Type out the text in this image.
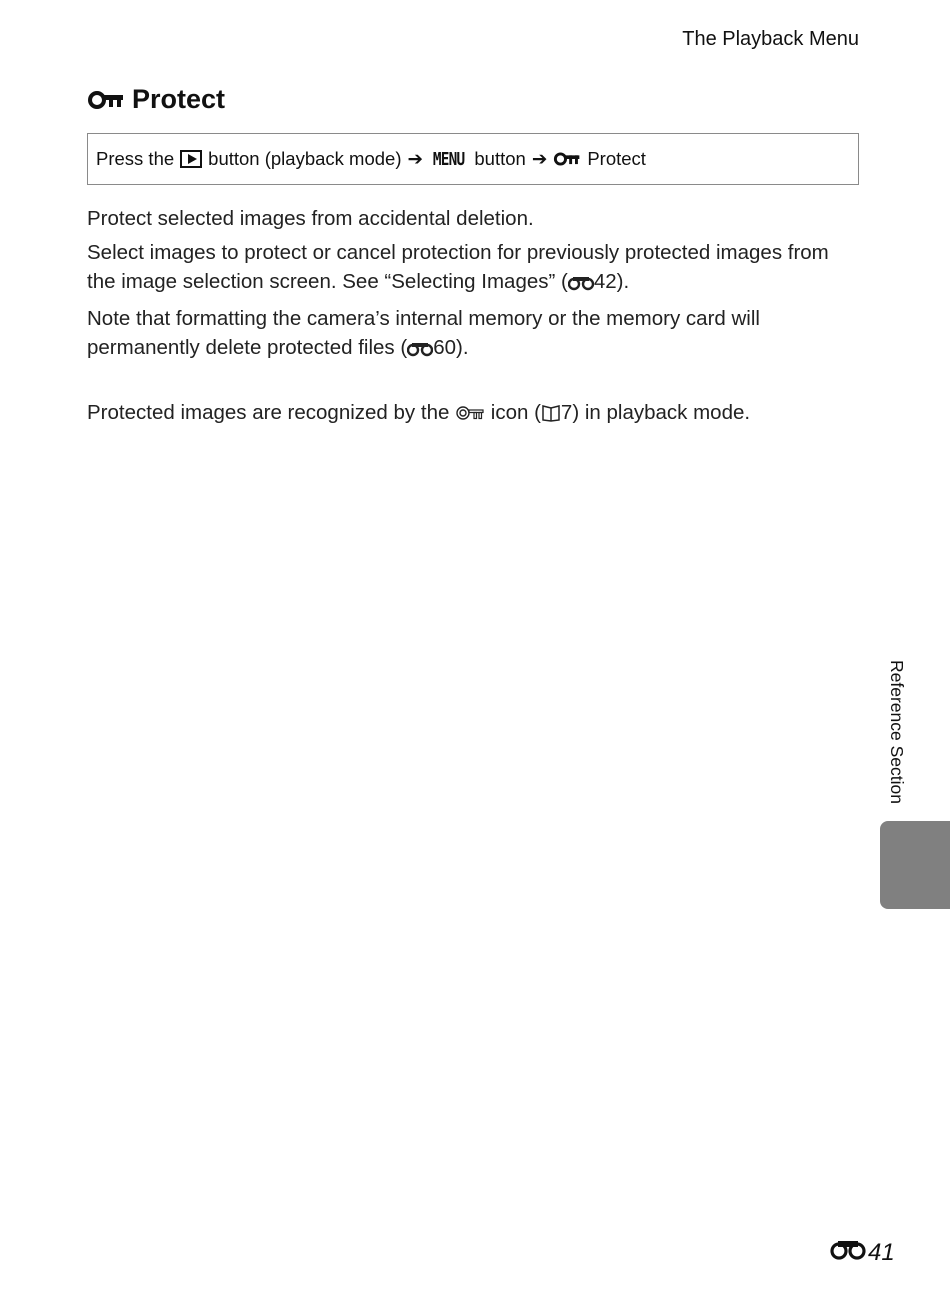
The Playback Menu
Protect
Press the button (playback mode) ➔ MENU button ➔ Protect

Protect selected images from accidental deletion.

Select images to protect or cancel protection for previously protected images from the image selection screen. See “Selecting Images” ( 42).

Note that formatting the camera’s internal memory or the memory card will permanently delete protected files ( 60).

Protected images are recognized by the icon ( 7) in playback mode.

Reference Section
41
